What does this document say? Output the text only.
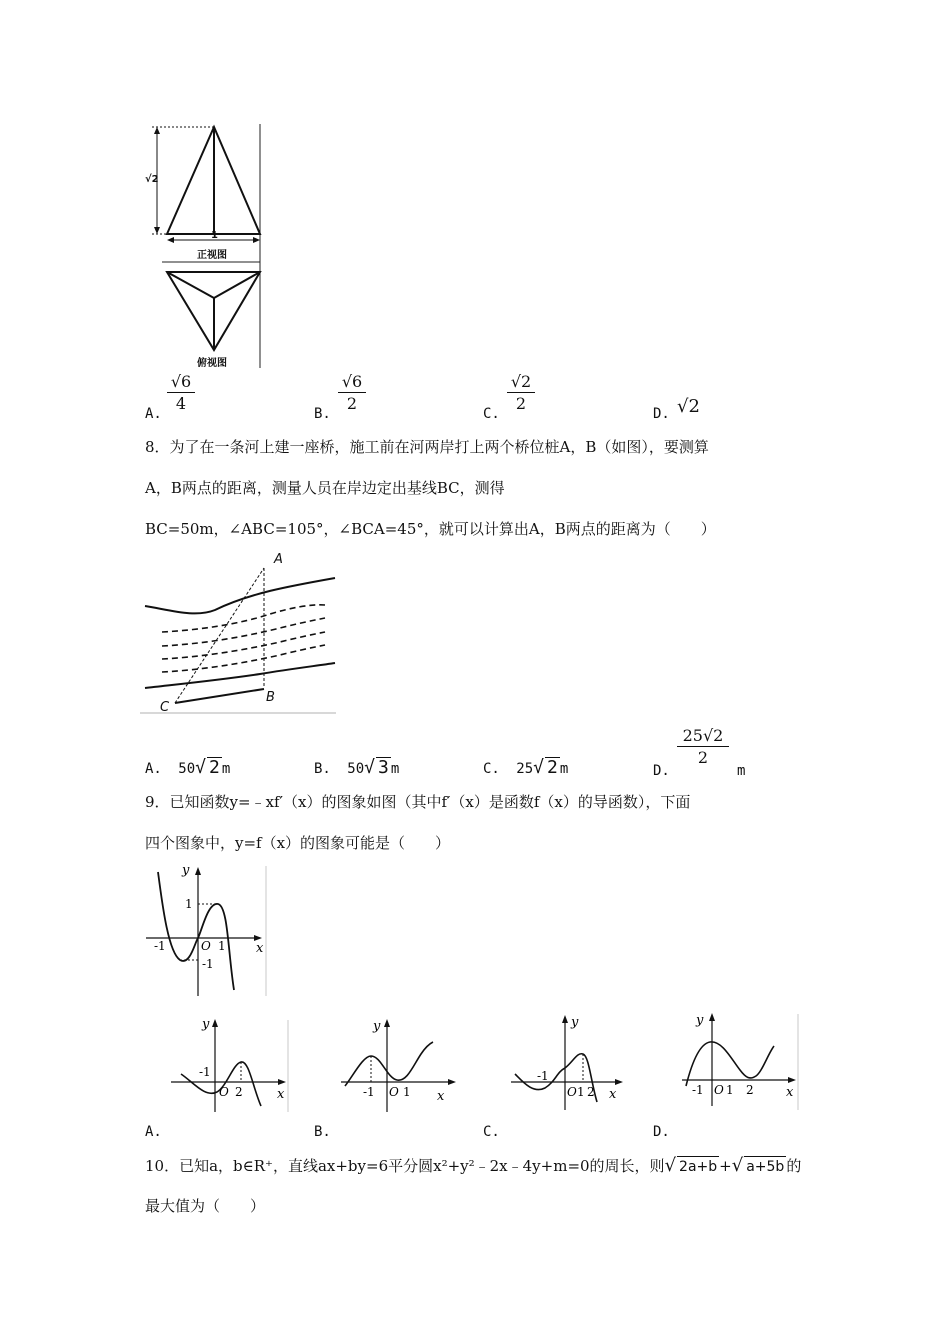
√2
1
正视图
俯视图
A.
√6
4
B.
√6
2
C.
√2
2
D. √2
8．为了在一条河上建一座桥，施工前在河两岸打上两个桥位桩A，B（如图），要测算
A，B两点的距离，测量人员在岸边定出基线BC，测得
BC=50m，∠ABC=105°，∠BCA=45°，就可以计算出A，B两点的距离为（　　）
A
B
C
A. 50√ 2 m	B. 50√ 3 m	C. 25√ 2 m	D.
25√2
2
m
9．已知函数y=﹣xf′（x）的图象如图（其中f′（x）是函数f（x）的导函数），下面
四个图象中，y=f（x）的图象可能是（　　）
y
x
O
1
-1	1
-1
y
x
-1
O 2
A.
y
x
-1 O 1
B.
y
x
-1
O 1 2
C.
y
x
-1 O 1 2
D.
10．已知a，b∈R⁺，直线ax+by=6平分圆x²+y²﹣2x﹣4y+m=0的周长，则√ 2a+b +√ a+5b 的
最大值为（　　）
